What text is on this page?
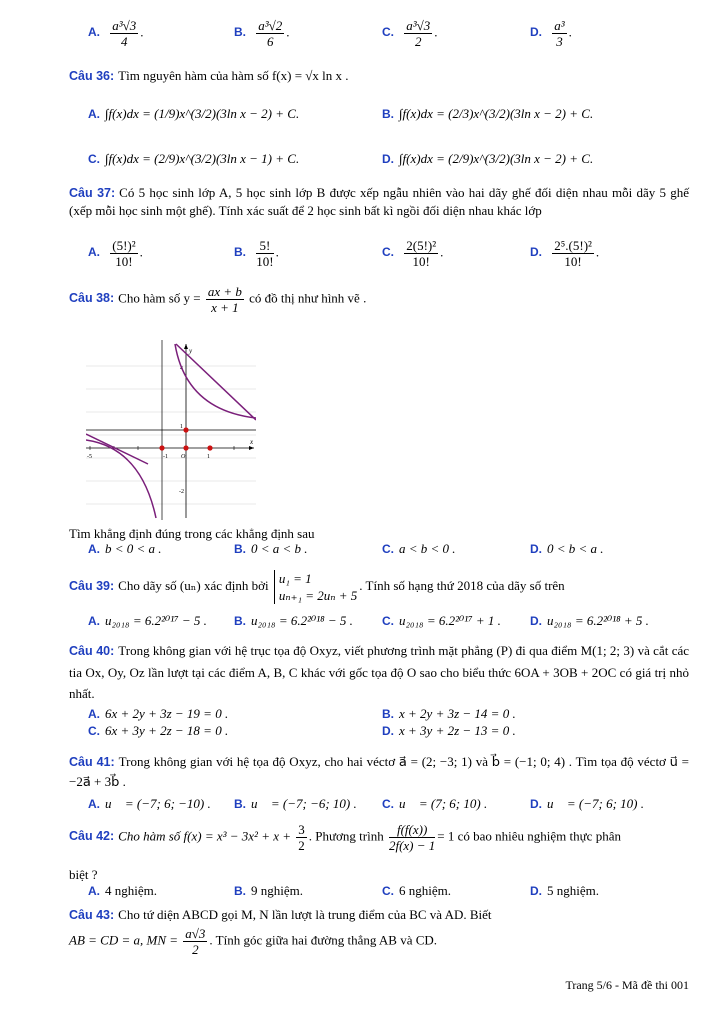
A. $\frac{\text{a³√3}}{4}$ .	B. $\frac{\text{a³√2}}{6}$ .	C. $\frac{\text{a³√3}}{2}$ .	D. $\frac{\text{a³}}{3}$ .
Câu 36: Tìm nguyên hàm của hàm số f(x) = √x ln x .
A. ∫f(x)dx = (1/9)x^(3/2)(3ln x − 2) + C.	B. ∫f(x)dx = (2/3)x^(3/2)(3ln x − 2) + C.
C. ∫f(x)dx = (2/9)x^(3/2)(3ln x − 1) + C.	D. ∫f(x)dx = (2/9)x^(3/2)(3ln x − 2) + C.
Câu 37: Có 5 học sinh lớp A, 5 học sinh lớp B được xếp ngẫu nhiên vào hai dãy ghế đối diện nhau mỗi dãy 5 ghế (xếp mỗi học sinh một ghế). Tính xác suất để 2 học sinh bất kì ngồi đối diện nhau khác lớp
A. $\frac{\text{(5!)²}}{10!}$ .	B. $\frac{5!}{10!}$ .	C. $\frac{\text{2(5!)²}}{10!}$ .	D. $\frac{\text{2⁵.(5!)²}}{10!}$ .
Câu 38: Cho hàm số $y = \frac{ax + b}{x + 1}$ có đồ thị như hình vẽ .
x
y
-5	-1 O	1
4
1
-2
Tìm khẳng định đúng trong các khẳng định sau
A. b < 0 < a .	B. 0 < a < b .	C. a < b < 0 .	D. 0 < b < a .
Câu 39: Cho dãy số (uₙ) xác định bởi u₁ = 1
uₙ₊₁ = 2uₙ + 5
. Tính số hạng thứ 2018 của dãy số trên
A. u₂₀₁₈ = 6.2²⁰¹⁷ − 5 . B. u₂₀₁₈ = 6.2²⁰¹⁸ − 5 . C. u₂₀₁₈ = 6.2²⁰¹⁷ + 1 . D. u₂₀₁₈ = 6.2²⁰¹⁸ + 5 .
Câu 40: Trong không gian với hệ trục tọa độ Oxyz, viết phương trình mặt phẳng (P) đi qua điểm M(1; 2; 3) và cắt các tia Ox, Oy, Oz lần lượt tại các điểm A, B, C khác với gốc tọa độ O sao cho biểu thức 6OA + 3OB + 2OC có giá trị nhỏ nhất.
A. 6x + 2y + 3z − 19 = 0 .	B. x + 2y + 3z − 14 = 0 .
C. 6x + 3y + 2z − 18 = 0 .	D. x + 3y + 2z − 13 = 0 .
Câu 41: Trong không gian với hệ tọa độ Oxyz, cho hai véctơ a⃗ = (2; −3; 1) và b⃗ = (−1; 0; 4) . Tìm tọa độ véctơ u⃗ = −2a⃗ + 3b⃗ .
A. u⃗ = (−7; 6; −10) . B. u⃗ = (−7; −6; 10) . C. u⃗ = (7; 6; 10) .	D. u⃗ = (−7; 6; 10) .
Câu 42: Cho hàm số $f(x) = x^3 - 3x^2 + x + \frac{3}{2}$ . Phương trình $\frac{f(f(x))}{2f(x) - 1} = 1$ có bao nhiêu nghiệm thực phân
biệt ?
A. 4 nghiệm.	B. 9 nghiệm.	C. 6 nghiệm.	D. 5 nghiệm.
Câu 43: Cho tứ diện ABCD gọi M, N lần lượt là trung điểm của BC và AD. Biết
AB = CD = a, MN = $\frac{a√3}{2}$ . Tính góc giữa hai đường thẳng AB và CD.
Trang 5/6 - Mã đề thi 001
